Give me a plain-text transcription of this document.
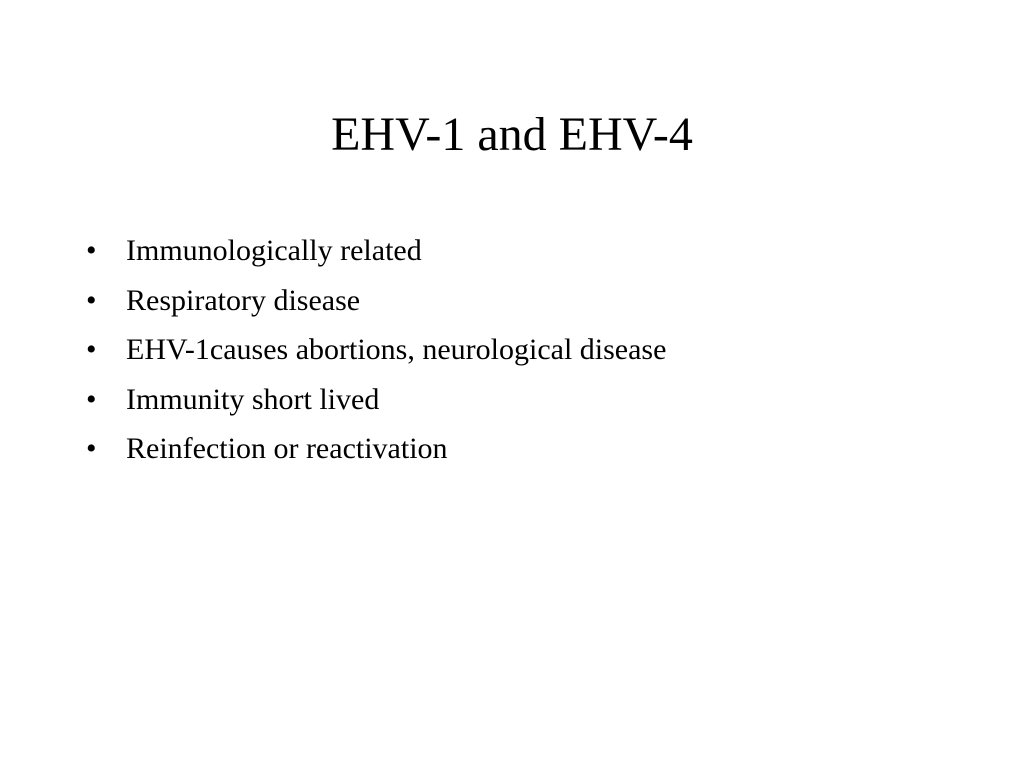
EHV-1 and EHV-4
• Immunologically related
• Respiratory disease
• EHV-1causes abortions, neurological disease
• Immunity short lived
• Reinfection or reactivation
